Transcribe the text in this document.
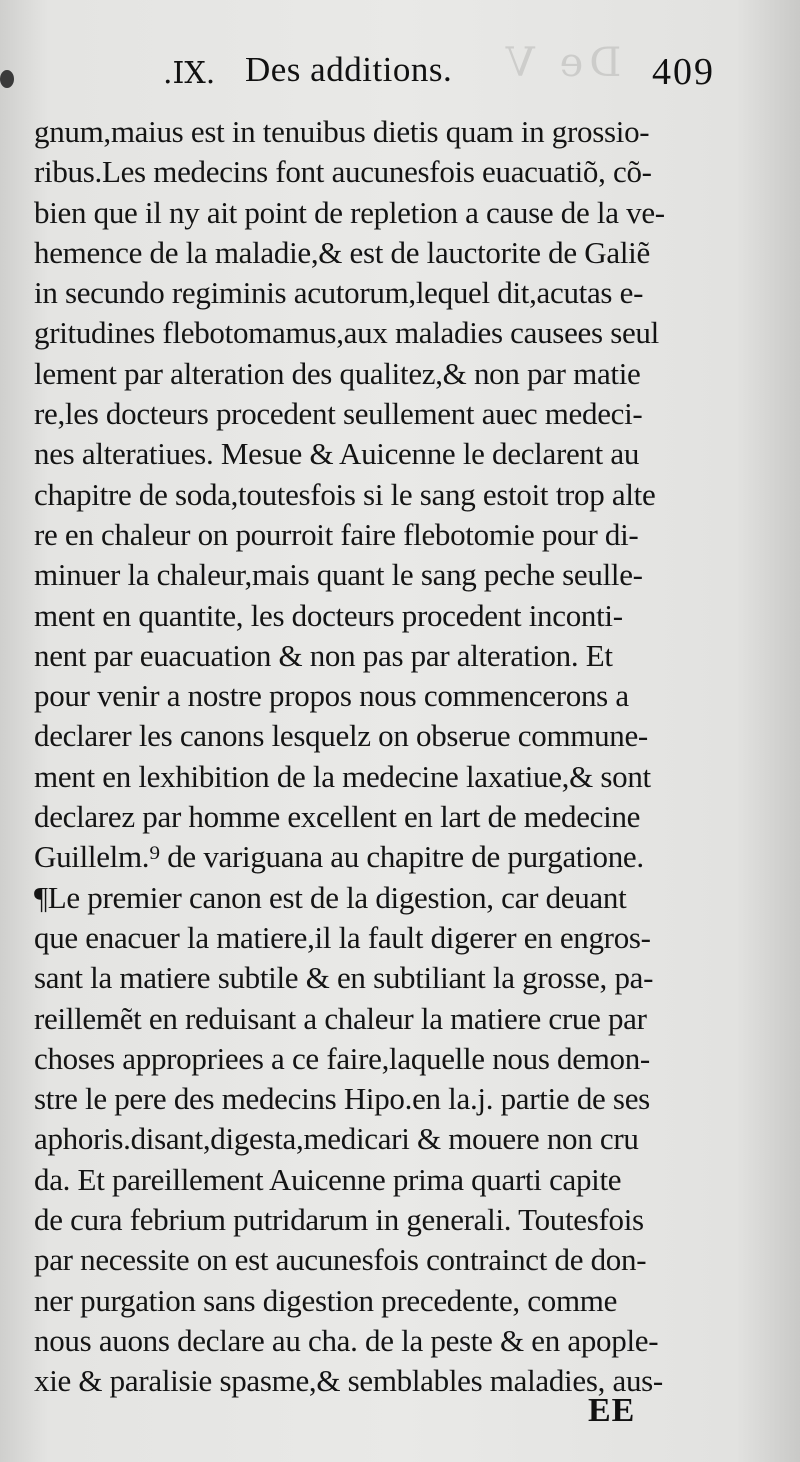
De V
.IX. Des additions.	409
gnum,maius est in tenuibus dietis quam in grossio-
ribus.Les medecins font aucunesfois euacuatiõ, cõ-
bien que il ny ait point de repletion a cause de la ve-
hemence de la maladie,& est de lauctorite de Galiẽ
in secundo regiminis acutorum,lequel dit,acutas e-
gritudines flebotomamus,aux maladies causees seul
lement par alteration des qualitez,& non par matie
re,les docteurs procedent seullement auec medeci-
nes alteratiues. Mesue & Auicenne le declarent au
chapitre de soda,toutesfois si le sang estoit trop alte
re en chaleur on pourroit faire flebotomie pour di-
minuer la chaleur,mais quant le sang peche seulle-
ment en quantite, les docteurs procedent inconti-
nent par euacuation & non pas par alteration. Et
pour venir a nostre propos nous commencerons a
declarer les canons lesquelz on obserue commune-
ment en lexhibition de la medecine laxatiue,& sont
declarez par homme excellent en lart de medecine
Guillelm.⁹ de variguana au chapitre de purgatione.
¶Le premier canon est de la digestion, car deuant
que enacuer la matiere,il la fault digerer en engros-
sant la matiere subtile & en subtiliant la grosse, pa-
reillemẽt en reduisant a chaleur la matiere crue par
choses appropriees a ce faire,laquelle nous demon-
stre le pere des medecins Hipo.en la.j. partie de ses
aphoris.disant,digesta,medicari & mouere non cru
da. Et pareillement Auicenne prima quarti capite
de cura febrium putridarum in generali. Toutesfois
par necessite on est aucunesfois contrainct de don-
ner purgation sans digestion precedente, comme
nous auons declare au cha. de la peste & en apople-
xie & paralisie spasme,& semblables maladies, aus-
EE
